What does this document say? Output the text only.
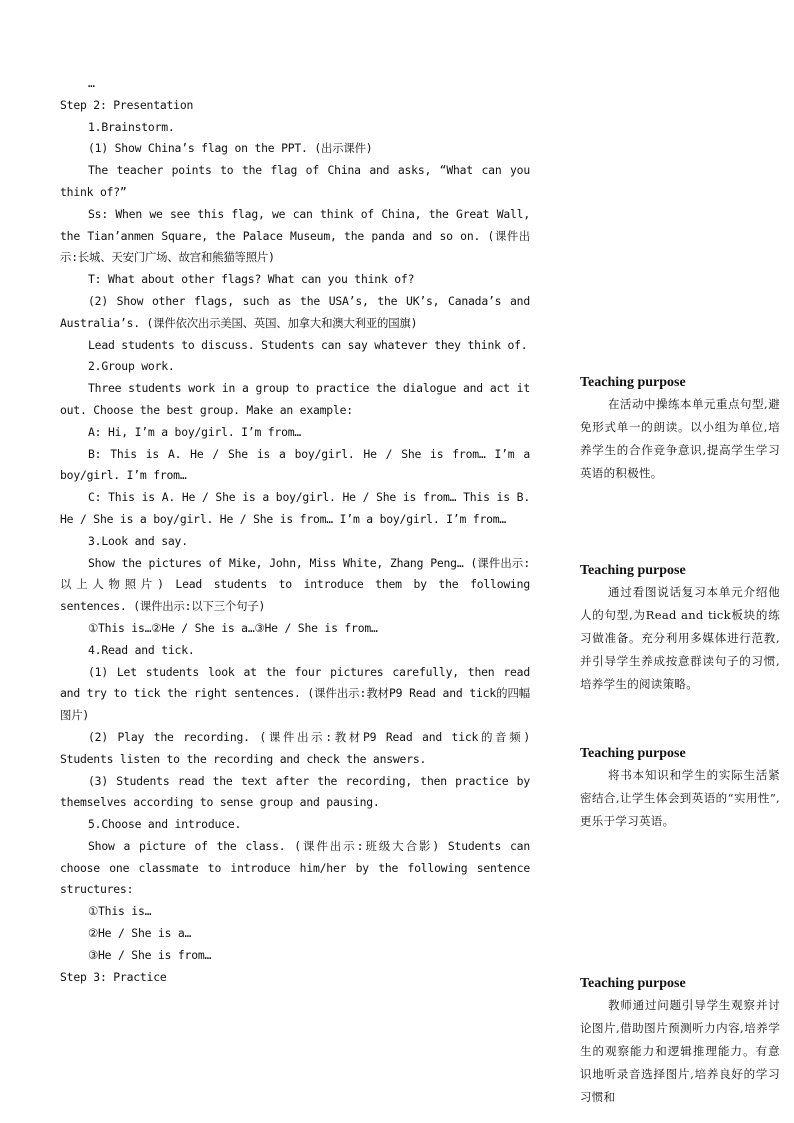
…

Step 2: Presentation

1.Brainstorm.

(1) Show China’s flag on the PPT. (出示课件)

The teacher points to the flag of China and asks, “What can you think of?”

Ss: When we see this flag, we can think of China, the Great Wall, the Tian’anmen Square, the Palace Museum, the panda and so on. (课件出示:长城、天安门广场、故宫和熊猫等照片)

T: What about other flags? What can you think of?

(2) Show other flags, such as the USA’s, the UK’s, Canada’s and Australia’s. (课件依次出示美国、英国、加拿大和澳大利亚的国旗)

Lead students to discuss. Students can say whatever they think of.

2.Group work.

Three students work in a group to practice the dialogue and act it out. Choose the best group. Make an example:

A: Hi, I’m a boy/girl. I’m from…

B: This is A. He / She is a boy/girl. He / She is from… I’m a boy/girl. I’m from…

C: This is A. He / She is a boy/girl. He / She is from… This is B. He / She is a boy/girl. He / She is from… I’m a boy/girl. I’m from…

3.Look and say.

Show the pictures of Mike, John, Miss White, Zhang Peng… (课件出示:以上人物照片) Lead students to introduce them by the following sentences. (课件出示:以下三个句子)

①This is…②He / She is a…③He / She is from…

4.Read and tick.

(1) Let students look at the four pictures carefully, then read and try to tick the right sentences. (课件出示:教材P9 Read and tick的四幅图片)

(2) Play the recording. (课件出示:教材P9 Read and tick的音频) Students listen to the recording and check the answers.

(3) Students read the text after the recording, then practice by themselves according to sense group and pausing.

5.Choose and introduce.

Show a picture of the class. (课件出示:班级大合影) Students can choose one classmate to introduce him/her by the following sentence structures:

①This is…

②He / She is a…

③He / She is from…

Step 3: Practice

Teaching purpose

在活动中操练本单元重点句型,避免形式单一的朗读。以小组为单位,培养学生的合作竞争意识,提高学生学习英语的积极性。

Teaching purpose

通过看图说话复习本单元介绍他人的句型,为Read and tick板块的练习做准备。充分利用多媒体进行范教,并引导学生养成按意群读句子的习惯,培养学生的阅读策略。

Teaching purpose

将书本知识和学生的实际生活紧密结合,让学生体会到英语的“实用性”,更乐于学习英语。

Teaching purpose

教师通过问题引导学生观察并讨论图片,借助图片预测听力内容,培养学生的观察能力和逻辑推理能力。有意识地听录音选择图片,培养良好的学习习惯和
